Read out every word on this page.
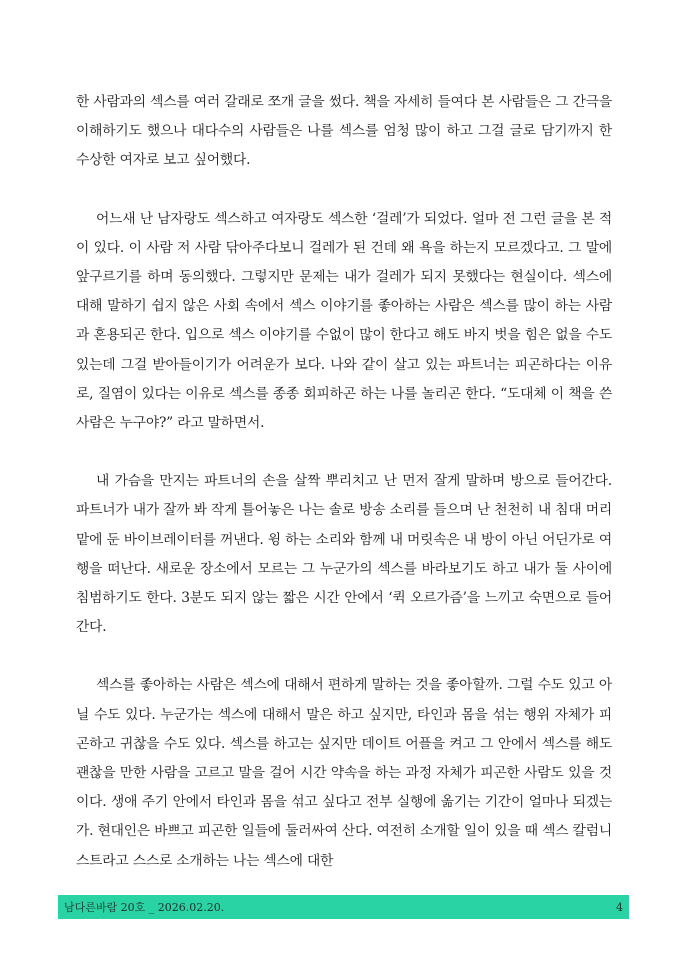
한 사람과의 섹스를 여러 갈래로 쪼개 글을 썼다. 책을 자세히 들여다 본 사람들은 그 간극을 이해하기도 했으나 대다수의 사람들은 나를 섹스를 엄청 많이 하고 그걸 글로 담기까지 한 수상한 여자로 보고 싶어했다.

어느새 난 남자랑도 섹스하고 여자랑도 섹스한 ‘걸레’가 되었다. 얼마 전 그런 글을 본 적이 있다. 이 사람 저 사람 닦아주다보니 걸레가 된 건데 왜 욕을 하는지 모르겠다고. 그 말에 앞구르기를 하며 동의했다. 그렇지만 문제는 내가 걸레가 되지 못했다는 현실이다. 섹스에 대해 말하기 쉽지 않은 사회 속에서 섹스 이야기를 좋아하는 사람은 섹스를 많이 하는 사람과 혼용되곤 한다. 입으로 섹스 이야기를 수없이 많이 한다고 해도 바지 벗을 힘은 없을 수도 있는데 그걸 받아들이기가 어려운가 보다. 나와 같이 살고 있는 파트너는 피곤하다는 이유로, 질염이 있다는 이유로 섹스를 종종 회피하곤 하는 나를 놀리곤 한다. “도대체 이 책을 쓴 사람은 누구야?” 라고 말하면서.

내 가슴을 만지는 파트너의 손을 살짝 뿌리치고 난 먼저 잘게 말하며 방으로 들어간다. 파트너가 내가 잘까 봐 작게 틀어놓은 나는 솔로 방송 소리를 들으며 난 천천히 내 침대 머리맡에 둔 바이브레이터를 꺼낸다. 윙 하는 소리와 함께 내 머릿속은 내 방이 아닌 어딘가로 여행을 떠난다. 새로운 장소에서 모르는 그 누군가의 섹스를 바라보기도 하고 내가 둘 사이에 침범하기도 한다. 3분도 되지 않는 짧은 시간 안에서 ‘퀵 오르가즘’을 느끼고 숙면으로 들어간다.

섹스를 좋아하는 사람은 섹스에 대해서 편하게 말하는 것을 좋아할까. 그럴 수도 있고 아닐 수도 있다. 누군가는 섹스에 대해서 말은 하고 싶지만, 타인과 몸을 섞는 행위 자체가 피곤하고 귀찮을 수도 있다. 섹스를 하고는 싶지만 데이트 어플을 켜고 그 안에서 섹스를 해도 괜찮을 만한 사람을 고르고 말을 걸어 시간 약속을 하는 과정 자체가 피곤한 사람도 있을 것이다. 생애 주기 안에서 타인과 몸을 섞고 싶다고 전부 실행에 옮기는 기간이 얼마나 되겠는가. 현대인은 바쁘고 피곤한 일들에 둘러싸여 산다. 여전히 소개할 일이 있을 때 섹스 칼럼니스트라고 스스로 소개하는 나는 섹스에 대한

남다른바람 20호 _ 2026.02.20.	4
